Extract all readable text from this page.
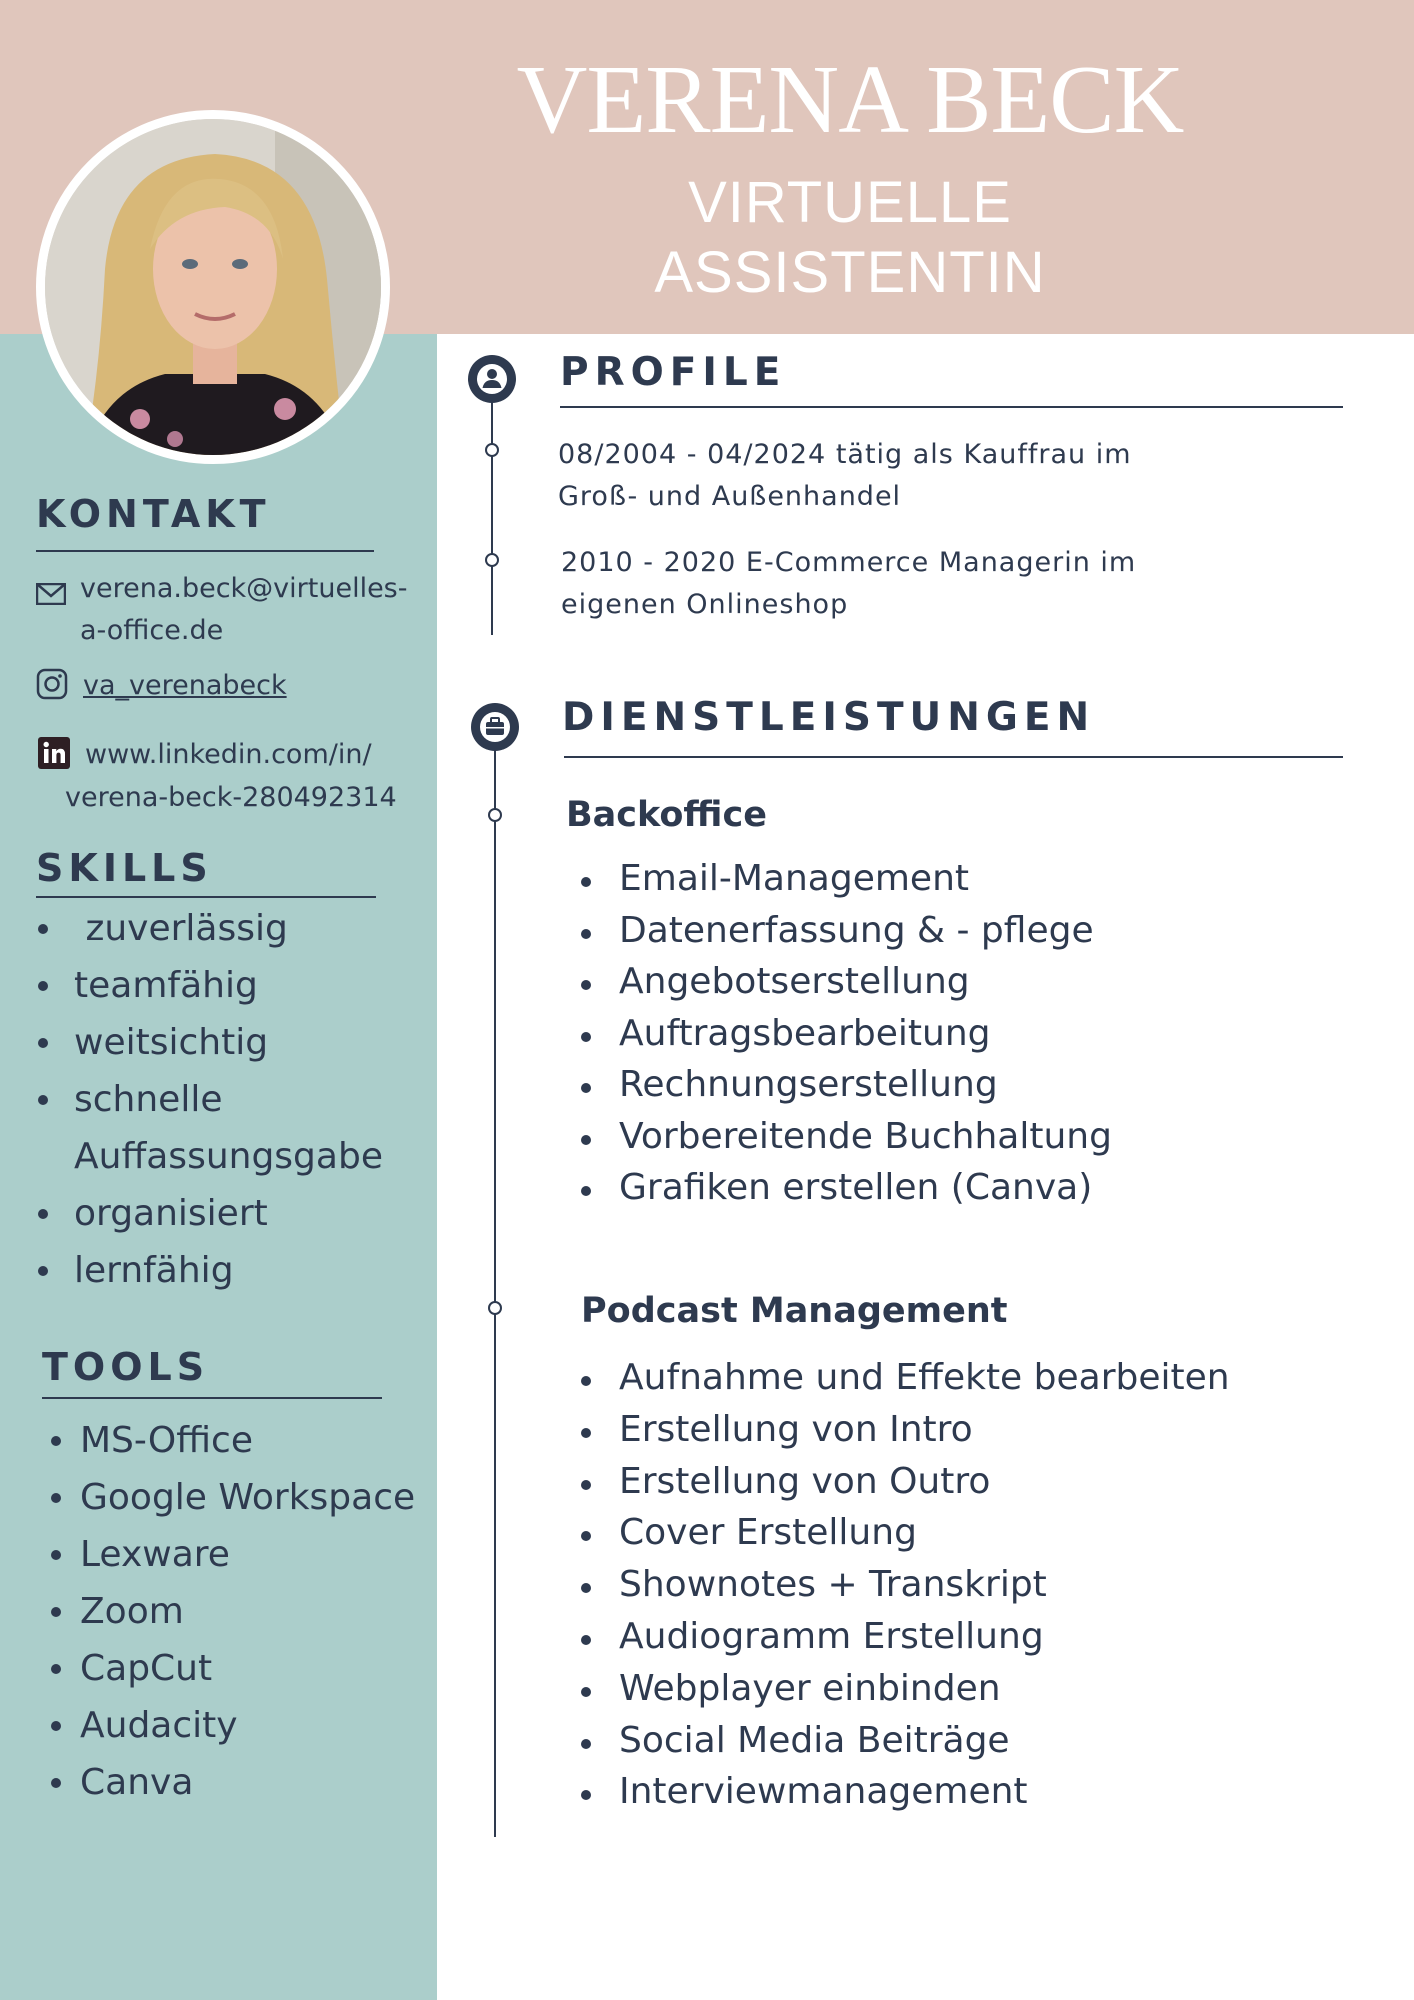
VERENA BECK
VIRTUELLE ASSISTENTIN
KONTAKT
verena.beck@virtuelles-
a-office.de
va_verenabeck
www.linkedin.com/in/
verena-beck-280492314
SKILLS
zuverlässig
teamfähig
weitsichtig
schnelle Auffassungsgabe
organisiert
lernfähig
TOOLS
MS-Office
Google Workspace
Lexware
Zoom
CapCut
Audacity
Canva
PROFILE
08/2004 - 04/2024 tätig als Kauffrau im Groß- und Außenhandel
2010 - 2020 E-Commerce Managerin im eigenen Onlineshop
DIENSTLEISTUNGEN
Backoffice
Email-Management
Datenerfassung & - pflege
Angebotserstellung
Auftragsbearbeitung
Rechnungserstellung
Vorbereitende Buchhaltung
Grafiken erstellen (Canva)
Podcast Management
Aufnahme und Effekte bearbeiten
Erstellung von Intro
Erstellung von Outro
Cover Erstellung
Shownotes + Transkript
Audiogramm Erstellung
Webplayer einbinden
Social Media Beiträge
Interviewmanagement
